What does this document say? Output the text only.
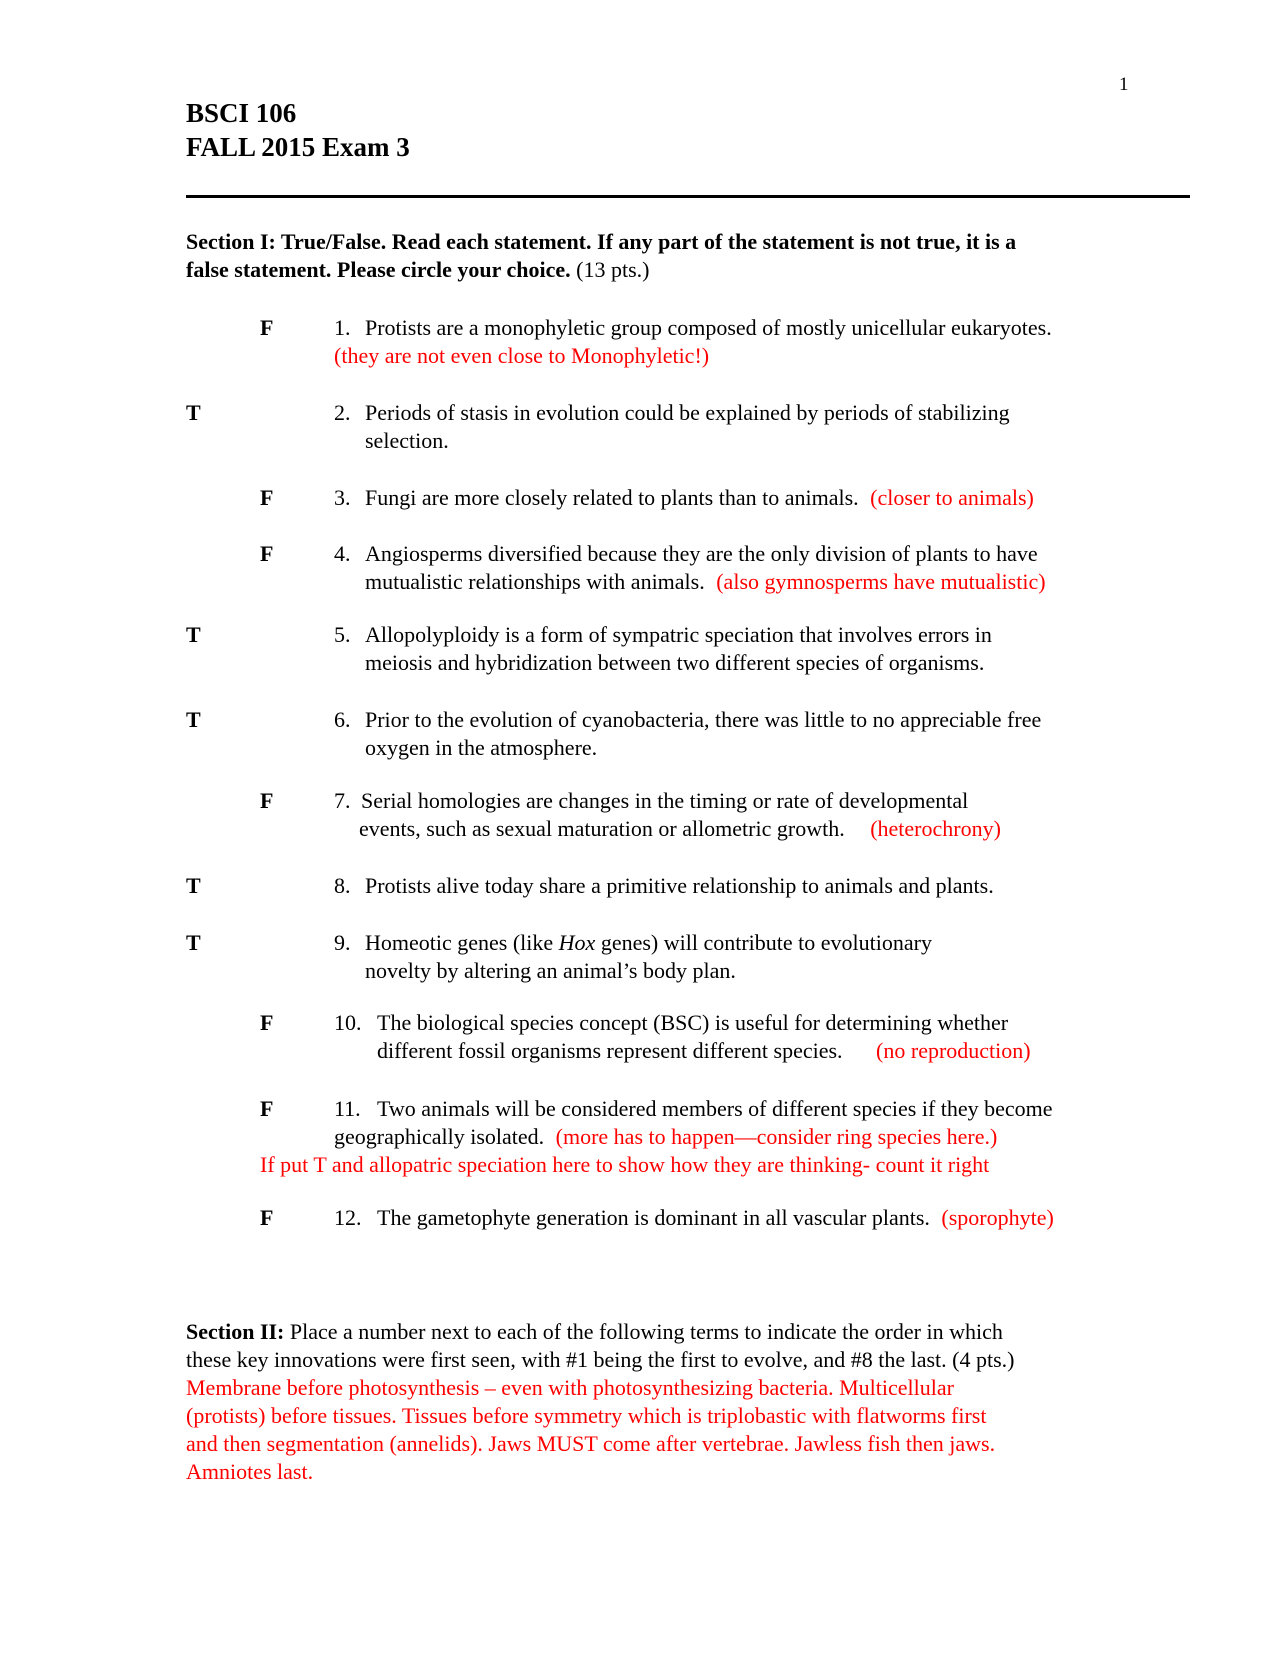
1
BSCI 106
FALL 2015 Exam 3
Section I: True/False. Read each statement. If any part of the statement is not true, it is a
false statement. Please circle your choice. (13 pts.)
F	1. Protists are a monophyletic group composed of mostly unicellular eukaryotes.
(they are not even close to Monophyletic!)
T	2. Periods of stasis in evolution could be explained by periods of stabilizing
selection.
F	3. Fungi are more closely related to plants than to animals. (closer to animals)
F	4. Angiosperms diversified because they are the only division of plants to have
mutualistic relationships with animals. (also gymnosperms have mutualistic)
T	5. Allopolyploidy is a form of sympatric speciation that involves errors in
meiosis and hybridization between two different species of organisms.
T	6. Prior to the evolution of cyanobacteria, there was little to no appreciable free
oxygen in the atmosphere.
F	7. Serial homologies are changes in the timing or rate of developmental
events, such as sexual maturation or allometric growth. (heterochrony)
T	8. Protists alive today share a primitive relationship to animals and plants.
T	9. Homeotic genes (like Hox genes) will contribute to evolutionary
novelty by altering an animal’s body plan.
F	10. The biological species concept (BSC) is useful for determining whether
different fossil organisms represent different species. (no reproduction)
F	11. Two animals will be considered members of different species if they become
geographically isolated. (more has to happen—consider ring species here.)
If put T and allopatric speciation here to show how they are thinking- count it right
F	12. The gametophyte generation is dominant in all vascular plants. (sporophyte)
Section II: Place a number next to each of the following terms to indicate the order in which
these key innovations were first seen, with #1 being the first to evolve, and #8 the last. (4 pts.)
Membrane before photosynthesis – even with photosynthesizing bacteria. Multicellular
(protists) before tissues. Tissues before symmetry which is triplobastic with flatworms first
and then segmentation (annelids). Jaws MUST come after vertebrae. Jawless fish then jaws.
Amniotes last.
